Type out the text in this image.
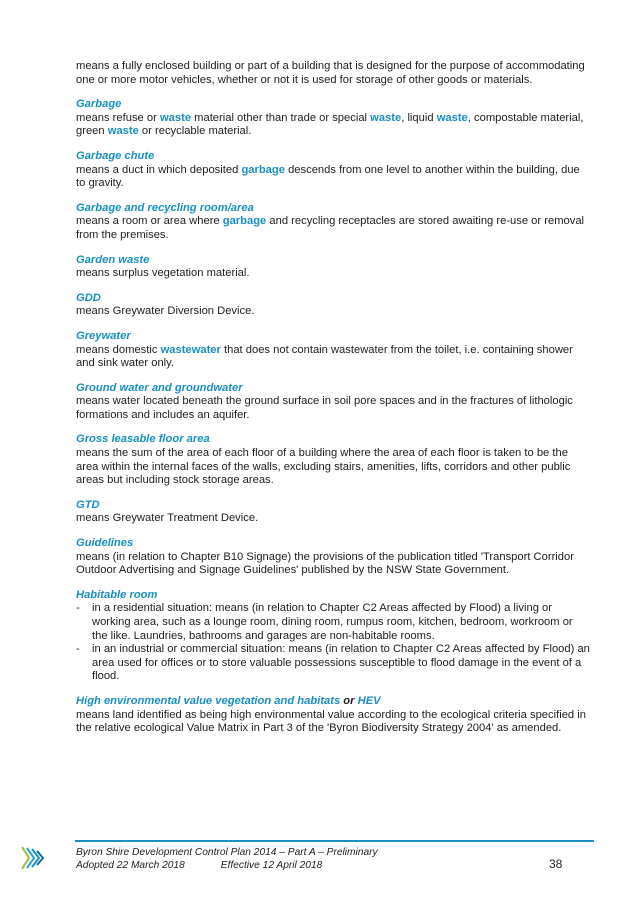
means a fully enclosed building or part of a building that is designed for the purpose of accommodating one or more motor vehicles, whether or not it is used for storage of other goods or materials.

Garbage

means refuse or waste material other than trade or special waste, liquid waste, compostable material, green waste or recyclable material.

Garbage chute

means a duct in which deposited garbage descends from one level to another within the building, due to gravity.

Garbage and recycling room/area

means a room or area where garbage and recycling receptacles are stored awaiting re-use or removal from the premises.

Garden waste

means surplus vegetation material.

GDD

means Greywater Diversion Device.

Greywater

means domestic wastewater that does not contain wastewater from the toilet, i.e. containing shower and sink water only.

Ground water and groundwater

means water located beneath the ground surface in soil pore spaces and in the fractures of lithologic formations and includes an aquifer.

Gross leasable floor area

means the sum of the area of each floor of a building where the area of each floor is taken to be the area within the internal faces of the walls, excluding stairs, amenities, lifts, corridors and other public areas but including stock storage areas.

GTD

means Greywater Treatment Device.

Guidelines

means (in relation to Chapter B10 Signage) the provisions of the publication titled 'Transport Corridor Outdoor Advertising and Signage Guidelines' published by the NSW State Government.

Habitable room
- in a residential situation: means (in relation to Chapter C2 Areas affected by Flood) a living or working area, such as a lounge room, dining room, rumpus room, kitchen, bedroom, workroom or the like. Laundries, bathrooms and garages are non-habitable rooms.
- in an industrial or commercial situation: means (in relation to Chapter C2 Areas affected by Flood) an area used for offices or to store valuable possessions susceptible to flood damage in the event of a flood.
High environmental value vegetation and habitats or HEV

means land identified as being high environmental value according to the ecological criteria specified in the relative ecological Value Matrix in Part 3 of the 'Byron Biodiversity Strategy 2004' as amended.

Byron Shire Development Control Plan 2014 – Part A – Preliminary
Adopted 22 March 2018	Effective 12 April 2018	38
